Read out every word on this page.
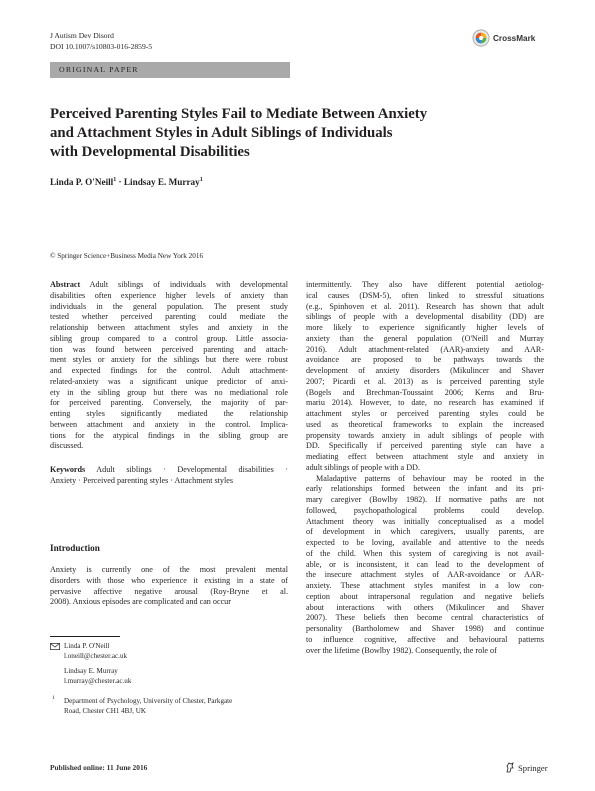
J Autism Dev Disord
DOI 10.1007/s10803-016-2859-5
CrossMark
ORIGINAL PAPER
Perceived Parenting Styles Fail to Mediate Between Anxiety
and Attachment Styles in Adult Siblings of Individuals
with Developmental Disabilities
Linda P. O'Neill$^1$ · Lindsay E. Murray$^1$
© Springer Science+Business Media New York 2016
Abstract Adult siblings of individuals with developmental
disabilities often experience higher levels of anxiety than
individuals in the general population. The present study
tested whether perceived parenting could mediate the
relationship between attachment styles and anxiety in the
sibling group compared to a control group. Little associa-
tion was found between perceived parenting and attach-
ment styles or anxiety for the siblings but there were robust
and expected findings for the control. Adult attachment-
related-anxiety was a significant unique predictor of anxi-
ety in the sibling group but there was no mediational role
for perceived parenting. Conversely, the majority of par-
enting styles significantly mediated the relationship
between attachment and anxiety in the control. Implica-
tions for the atypical findings in the sibling group are
discussed.
Keywords Adult siblings · Developmental disabilities ·
Anxiety · Perceived parenting styles · Attachment styles
Introduction
Anxiety is currently one of the most prevalent mental
disorders with those who experience it existing in a state of
pervasive affective negative arousal (Roy-Bryne et al.
2008). Anxious episodes are complicated and can occur
Linda P. O'Neill
l.oneill@chester.ac.uk
Lindsay E. Murray
l.murray@chester.ac.uk
1 Department of Psychology, University of Chester, Parkgate
Road, Chester CH1 4BJ, UK
intermittently. They also have different potential aetiolog-
ical causes (DSM-5), often linked to stressful situations
(e.g., Spinhoven et al. 2011). Research has shown that adult
siblings of people with a developmental disability (DD) are
more likely to experience significantly higher levels of
anxiety than the general population (O'Neill and Murray
2016). Adult attachment-related (AAR)-anxiety and AAR-
avoidance are proposed to be pathways towards the
development of anxiety disorders (Mikulincer and Shaver
2007; Picardi et al. 2013) as is perceived parenting style
(Bogels and Brechman-Toussaint 2006; Kerns and Bru-
mariu 2014). However, to date, no research has examined if
attachment styles or perceived parenting styles could be
used as theoretical frameworks to explain the increased
propensity towards anxiety in adult siblings of people with
DD. Specifically if perceived parenting style can have a
mediating effect between attachment style and anxiety in
adult siblings of people with a DD.
Maladaptive patterns of behaviour may be rooted in the
early relationships formed between the infant and its pri-
mary caregiver (Bowlby 1982). If normative paths are not
followed, psychopathological problems could develop.
Attachment theory was initially conceptualised as a model
of development in which caregivers, usually parents, are
expected to be loving, available and attentive to the needs
of the child. When this system of caregiving is not avail-
able, or is inconsistent, it can lead to the development of
the insecure attachment styles of AAR-avoidance or AAR-
anxiety. These attachment styles manifest in a low con-
ception about intrapersonal regulation and negative beliefs
about interactions with others (Mikulincer and Shaver
2007). These beliefs then become central characteristics of
personality (Bartholomew and Shaver 1998) and continue
to influence cognitive, affective and behavioural patterns
over the lifetime (Bowlby 1982). Consequently, the role of
Published online: 11 June 2016	Springer
